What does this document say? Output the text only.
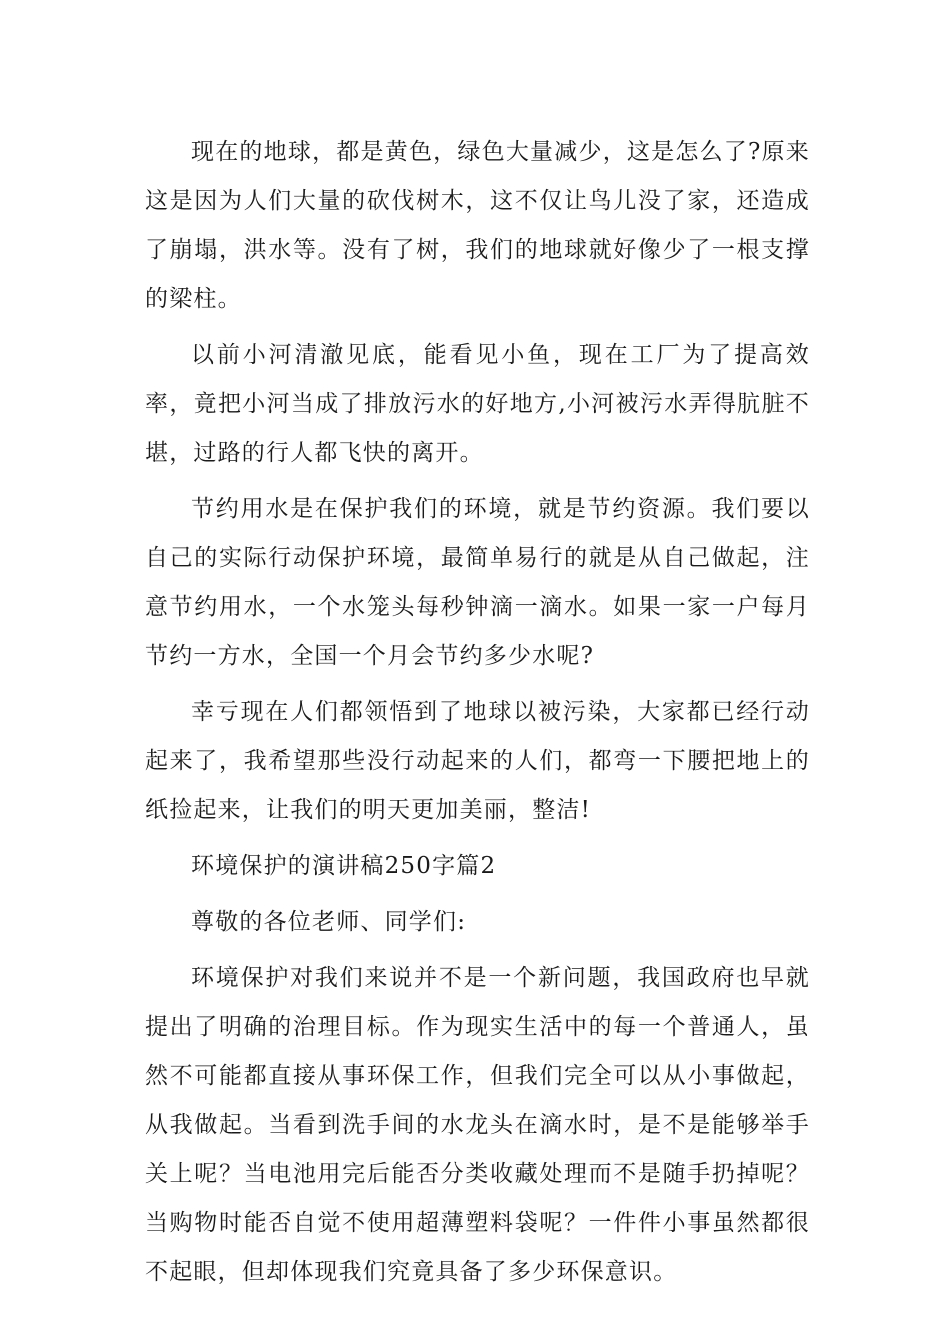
现在的地球，都是黄色，绿色大量减少，这是怎么了?原来这是因为人们大量的砍伐树木，这不仅让鸟儿没了家，还造成了崩塌，洪水等。没有了树，我们的地球就好像少了一根支撑的梁柱。

以前小河清澈见底，能看见小鱼，现在工厂为了提高效率，竟把小河当成了排放污水的好地方,小河被污水弄得肮脏不堪，过路的行人都飞快的离开。

节约用水是在保护我们的环境，就是节约资源。我们要以自己的实际行动保护环境，最简单易行的就是从自己做起，注意节约用水，一个水笼头每秒钟滴一滴水。如果一家一户每月节约一方水，全国一个月会节约多少水呢?

幸亏现在人们都领悟到了地球以被污染，大家都已经行动起来了，我希望那些没行动起来的人们，都弯一下腰把地上的纸捡起来，让我们的明天更加美丽，整洁!

环境保护的演讲稿250字篇2

尊敬的各位老师、同学们:

环境保护对我们来说并不是一个新问题，我国政府也早就提出了明确的治理目标。作为现实生活中的每一个普通人，虽然不可能都直接从事环保工作，但我们完全可以从小事做起，从我做起。当看到洗手间的水龙头在滴水时，是不是能够举手关上呢？当电池用完后能否分类收藏处理而不是随手扔掉呢？当购物时能否自觉不使用超薄塑料袋呢？一件件小事虽然都很不起眼，但却体现我们究竟具备了多少环保意识。
